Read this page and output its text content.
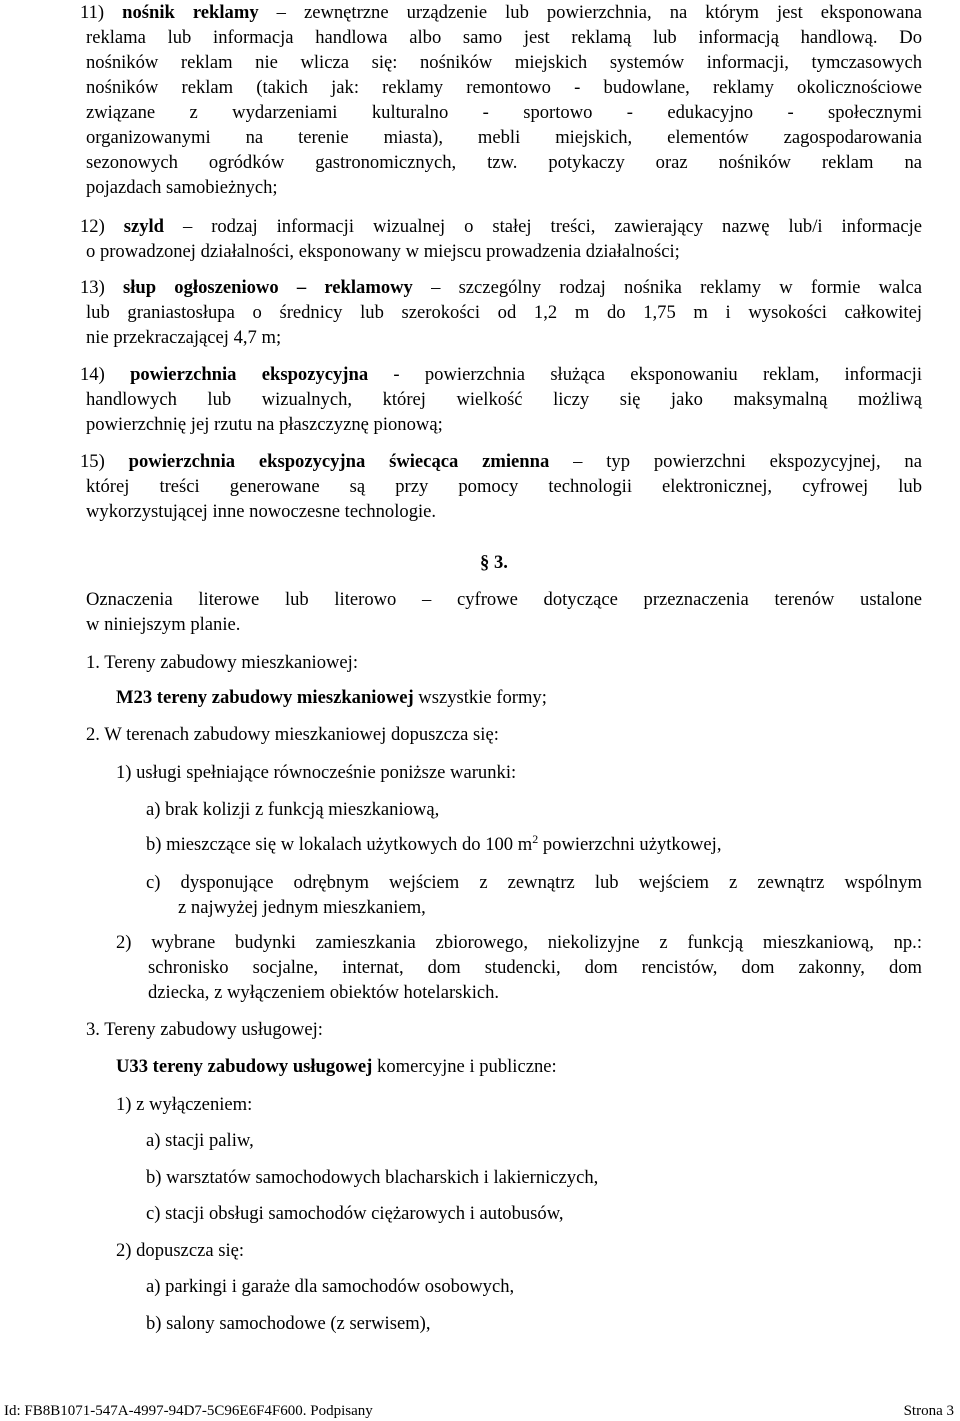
11) nośnik reklamy – zewnętrzne urządzenie lub powierzchnia, na którym jest eksponowana
reklama lub informacja handlowa albo samo jest reklamą lub informacją handlową. Do
nośników reklam nie wlicza się: nośników miejskich systemów informacji, tymczasowych
nośników reklam (takich jak: reklamy remontowo - budowlane, reklamy okolicznościowe
związane z wydarzeniami kulturalno - sportowo - edukacyjno - społecznymi
organizowanymi na terenie miasta), mebli miejskich, elementów zagospodarowania
sezonowych ogródków gastronomicznych, tzw. potykaczy oraz nośników reklam na
pojazdach samobieżnych;
12) szyld – rodzaj informacji wizualnej o stałej treści, zawierający nazwę lub/i informacje
o prowadzonej działalności, eksponowany w miejscu prowadzenia działalności;
13) słup ogłoszeniowo – reklamowy – szczególny rodzaj nośnika reklamy w formie walca
lub graniastosłupa o średnicy lub szerokości od 1,2 m do 1,75 m i wysokości całkowitej
nie przekraczającej 4,7 m;
14) powierzchnia ekspozycyjna - powierzchnia służąca eksponowaniu reklam, informacji
handlowych lub wizualnych, której wielkość liczy się jako maksymalną możliwą
powierzchnię jej rzutu na płaszczyznę pionową;
15) powierzchnia ekspozycyjna świecąca zmienna – typ powierzchni ekspozycyjnej, na
której treści generowane są przy pomocy technologii elektronicznej, cyfrowej lub
wykorzystującej inne nowoczesne technologie.
§ 3.
Oznaczenia literowe lub literowo – cyfrowe dotyczące przeznaczenia terenów ustalone
w niniejszym planie.
1. Tereny zabudowy mieszkaniowej:
M23 tereny zabudowy mieszkaniowej wszystkie formy;
2. W terenach zabudowy mieszkaniowej dopuszcza się:
1) usługi spełniające równocześnie poniższe warunki:
a) brak kolizji z funkcją mieszkaniową,
b) mieszczące się w lokalach użytkowych do 100 $m^2$ powierzchni użytkowej,
c) dysponujące odrębnym wejściem z zewnątrz lub wejściem z zewnątrz wspólnym
z najwyżej jednym mieszkaniem,
2) wybrane budynki zamieszkania zbiorowego, niekolizyjne z funkcją mieszkaniową, np.:
schronisko socjalne, internat, dom studencki, dom rencistów, dom zakonny, dom
dziecka, z wyłączeniem obiektów hotelarskich.
3. Tereny zabudowy usługowej:
U33 tereny zabudowy usługowej komercyjne i publiczne:
1) z wyłączeniem:
a) stacji paliw,
b) warsztatów samochodowych blacharskich i lakierniczych,
c) stacji obsługi samochodów ciężarowych i autobusów,
2) dopuszcza się:
a) parkingi i garaże dla samochodów osobowych,
b) salony samochodowe (z serwisem),
Id: FB8B1071-547A-4997-94D7-5C96E6F4F600. Podpisany	Strona 3
